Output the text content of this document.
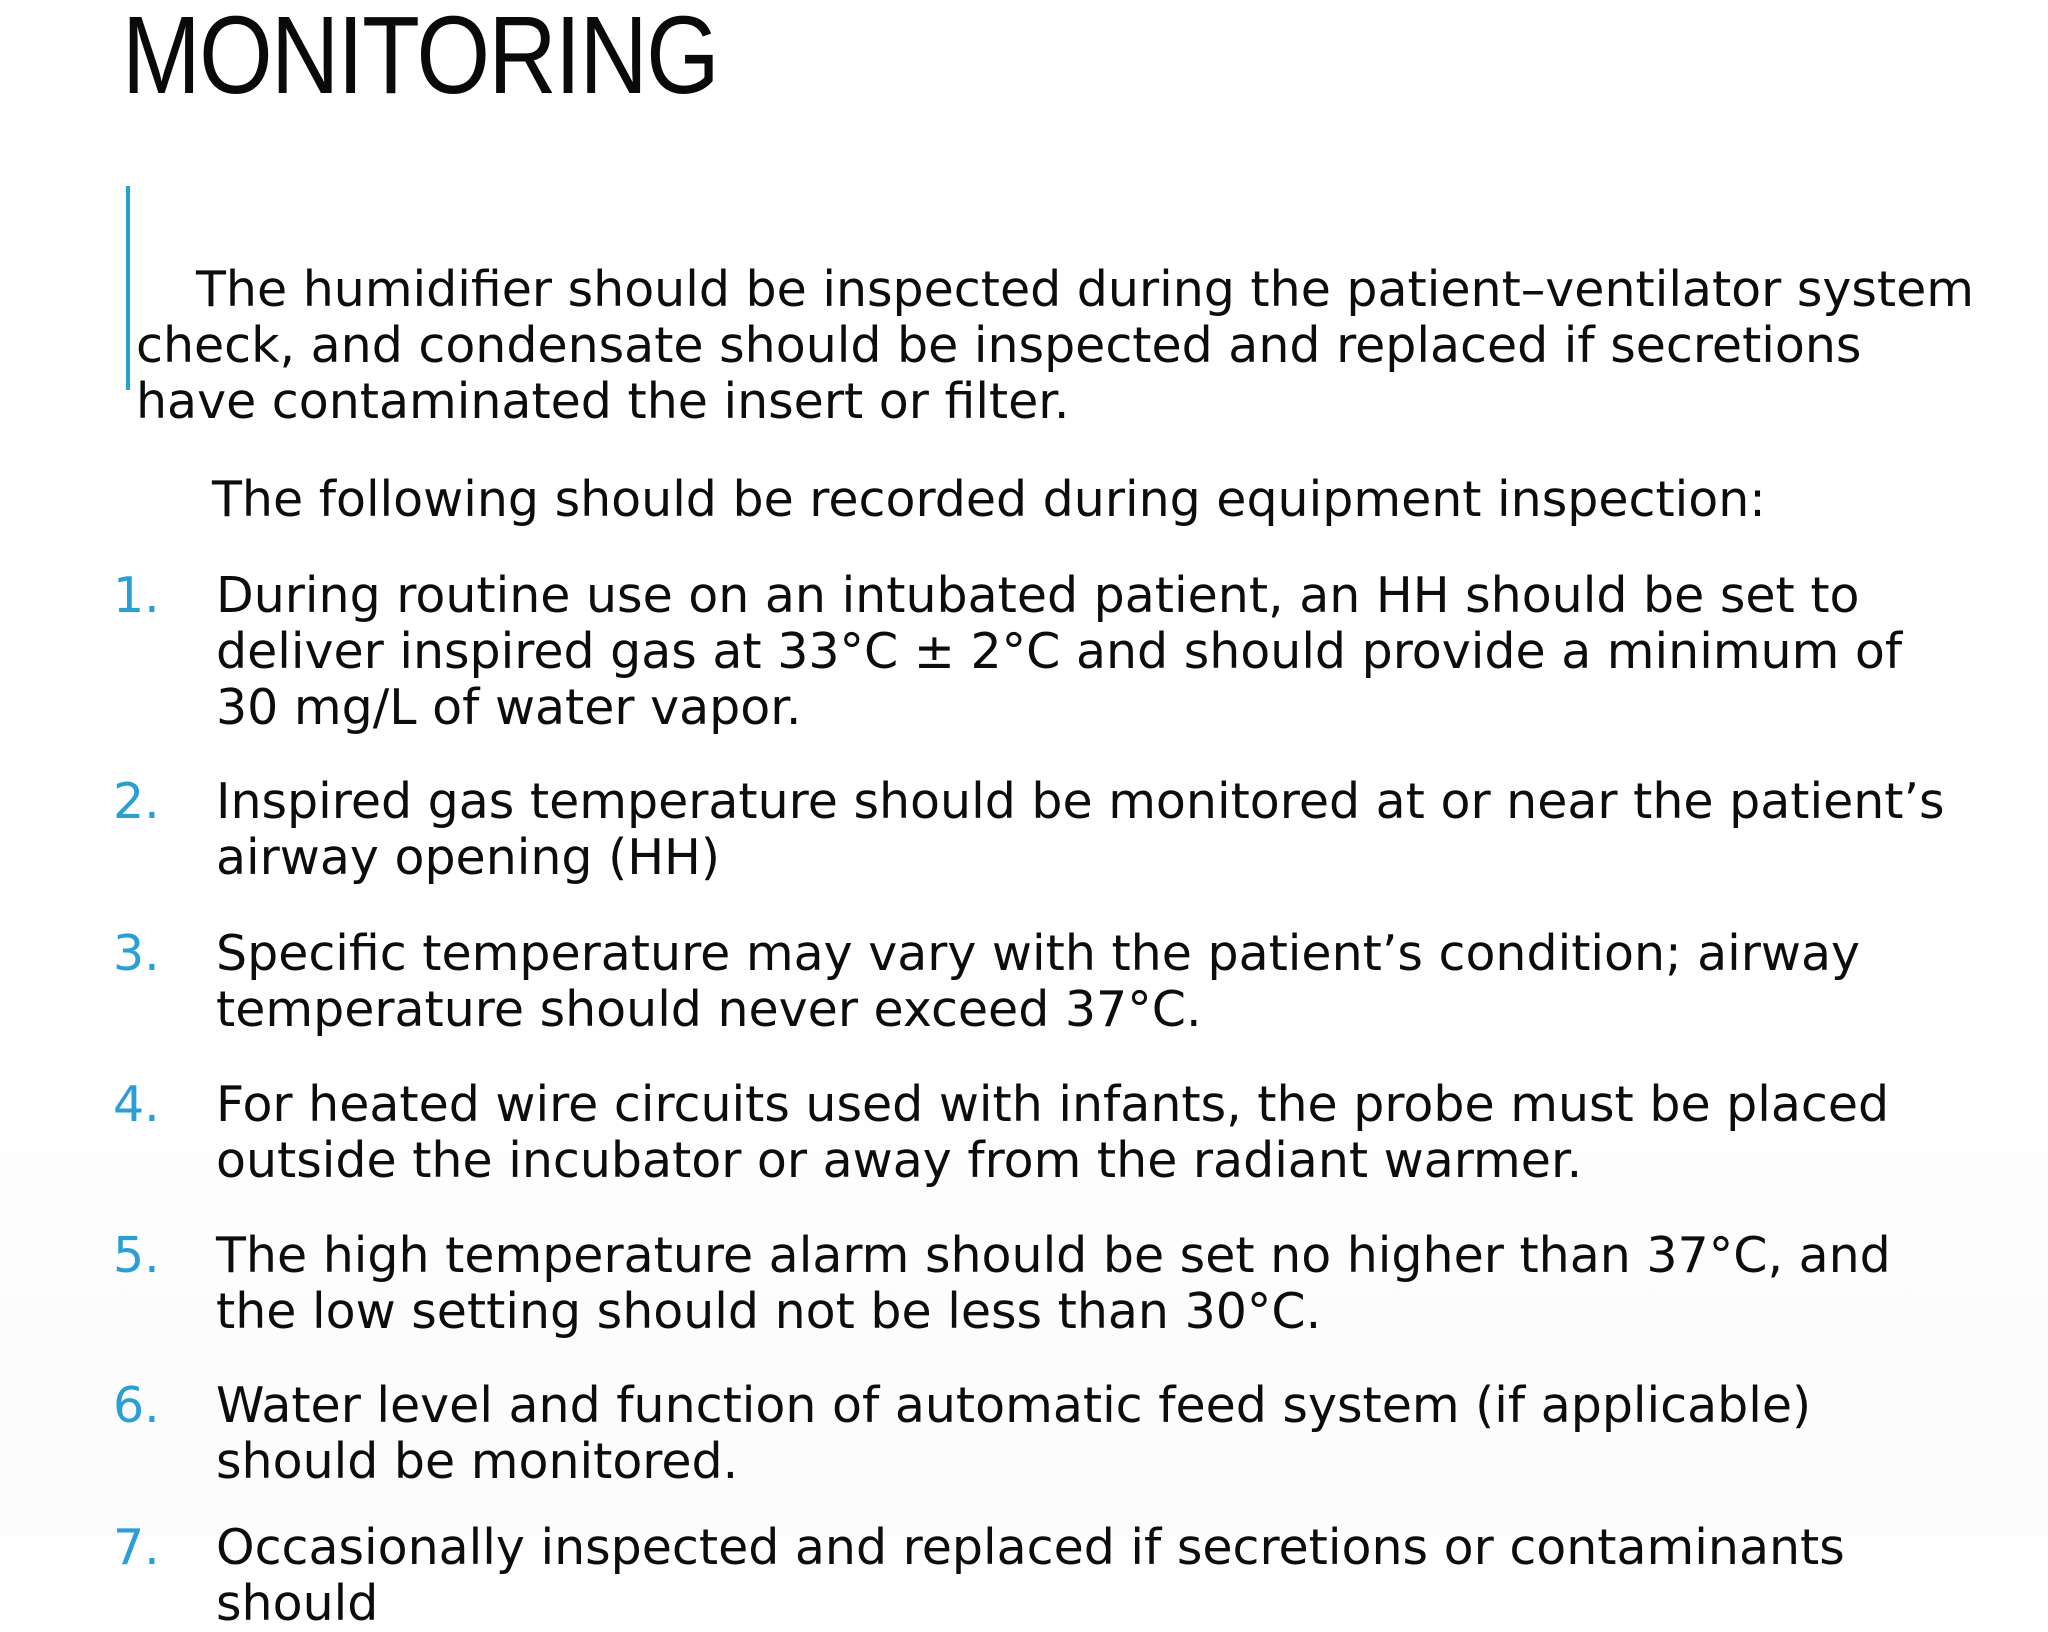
MONITORING

The humidifier should be inspected during the patient–ventilator system check, and condensate should be inspected and replaced if secretions have contaminated the insert or filter.

The following should be recorded during equipment inspection:

1. During routine use on an intubated patient, an HH should be set to
deliver inspired gas at 33°C ± 2°C and should provide a minimum of
30 mg/L of water vapor.
2. Inspired gas temperature should be monitored at or near the patient’s
airway opening (HH)
3. Specific temperature may vary with the patient’s condition; airway
temperature should never exceed 37°C.
4. For heated wire circuits used with infants, the probe must be placed
outside the incubator or away from the radiant warmer.
5. The high temperature alarm should be set no higher than 37°C, and
the low setting should not be less than 30°C.
6. Water level and function of automatic feed system (if applicable)
should be monitored.
7. Occasionally inspected and replaced if secretions or contaminants should
